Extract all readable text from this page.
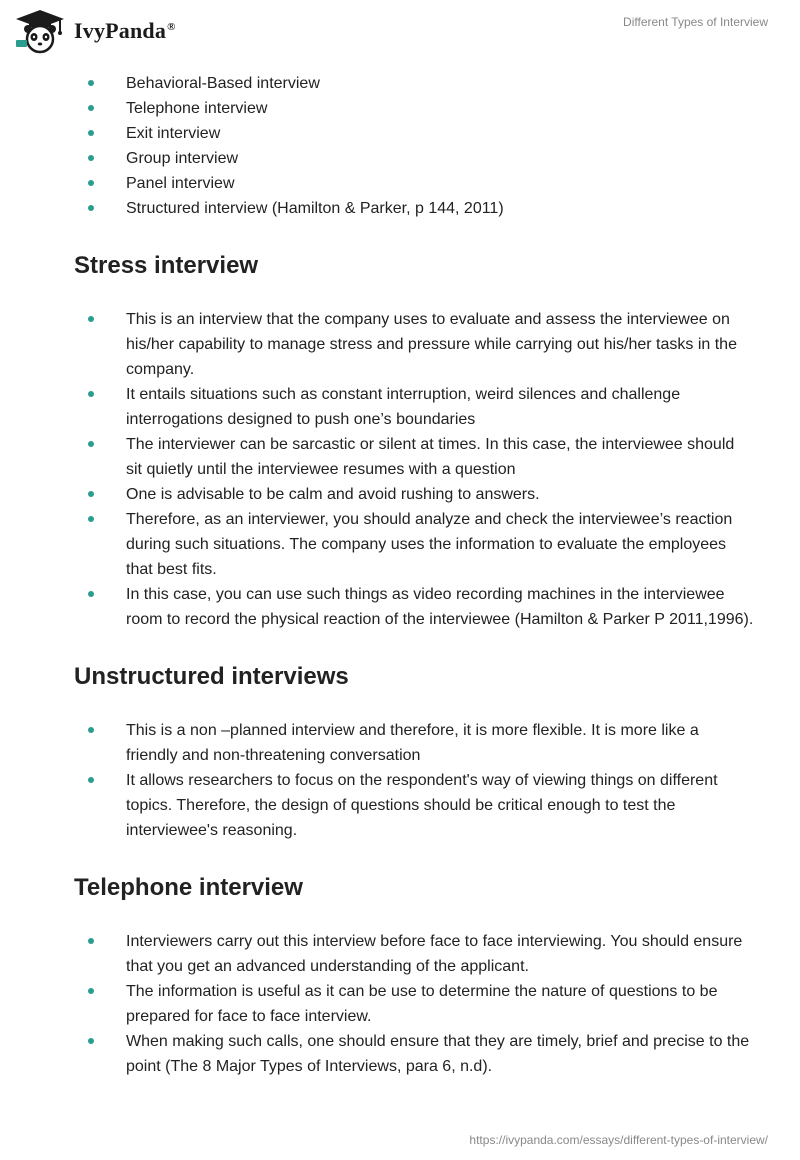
IvyPanda®	Different Types of Interview
Behavioral-Based interview
Telephone interview
Exit interview
Group interview
Panel interview
Structured interview (Hamilton & Parker, p 144, 2011)
Stress interview
This is an interview that the company uses to evaluate and assess the interviewee on his/her capability to manage stress and pressure while carrying out his/her tasks in the company.
It entails situations such as constant interruption, weird silences and challenge interrogations designed to push one’s boundaries
The interviewer can be sarcastic or silent at times. In this case, the interviewee should sit quietly until the interviewee resumes with a question
One is advisable to be calm and avoid rushing to answers.
Therefore, as an interviewer, you should analyze and check the interviewee’s reaction during such situations. The company uses the information to evaluate the employees that best fits.
In this case, you can use such things as video recording machines in the interviewee room to record the physical reaction of the interviewee (Hamilton & Parker P 2011,1996).
Unstructured interviews
This is a non –planned interview and therefore, it is more flexible. It is more like a friendly and non-threatening conversation
It allows researchers to focus on the respondent's way of viewing things on different topics. Therefore, the design of questions should be critical enough to test the interviewee's reasoning.
Telephone interview
Interviewers carry out this interview before face to face interviewing. You should ensure that you get an advanced understanding of the applicant.
The information is useful as it can be use to determine the nature of questions to be prepared for face to face interview.
When making such calls, one should ensure that they are timely, brief and precise to the point (The 8 Major Types of Interviews, para 6, n.d).
https://ivypanda.com/essays/different-types-of-interview/
